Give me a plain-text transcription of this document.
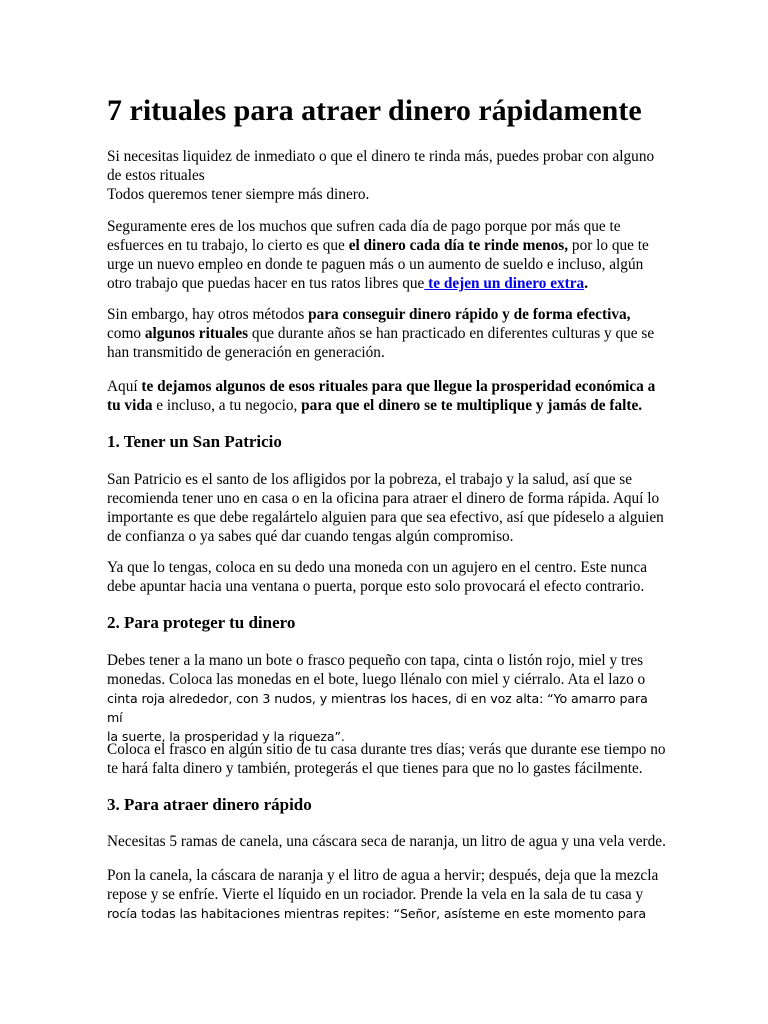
7 rituales para atraer dinero rápidamente

Si necesitas liquidez de inmediato o que el dinero te rinda más, puedes probar con alguno de estos rituales
Todos queremos tener siempre más dinero.

Seguramente eres de los muchos que sufren cada día de pago porque por más que te esfuerces en tu trabajo, lo cierto es que el dinero cada día te rinde menos, por lo que te urge un nuevo empleo en donde te paguen más o un aumento de sueldo e incluso, algún otro trabajo que puedas hacer en tus ratos libres que te dejen un dinero extra.

Sin embargo, hay otros métodos para conseguir dinero rápido y de forma efectiva, como algunos rituales que durante años se han practicado en diferentes culturas y que se han transmitido de generación en generación.

Aquí te dejamos algunos de esos rituales para que llegue la prosperidad económica a tu vida e incluso, a tu negocio, para que el dinero se te multiplique y jamás de falte.

1. Tener un San Patricio

San Patricio es el santo de los afligidos por la pobreza, el trabajo y la salud, así que se recomienda tener uno en casa o en la oficina para atraer el dinero de forma rápida. Aquí lo importante es que debe regalártelo alguien para que sea efectivo, así que pídeselo a alguien de confianza o ya sabes qué dar cuando tengas algún compromiso.

Ya que lo tengas, coloca en su dedo una moneda con un agujero en el centro. Este nunca debe apuntar hacia una ventana o puerta, porque esto solo provocará el efecto contrario.

2. Para proteger tu dinero

Debes tener a la mano un bote o frasco pequeño con tapa, cinta o listón rojo, miel y tres monedas. Coloca las monedas en el bote, luego llénalo con miel y ciérralo. Ata el lazo o
cinta roja alrededor, con 3 nudos, y mientras los haces, di en voz alta: “Yo amarro para mí
la suerte, la prosperidad y la riqueza”.

Coloca el frasco en algún sitio de tu casa durante tres días; verás que durante ese tiempo no te hará falta dinero y también, protegerás el que tienes para que no lo gastes fácilmente.

3. Para atraer dinero rápido

Necesitas 5 ramas de canela, una cáscara seca de naranja, un litro de agua y una vela verde.

Pon la canela, la cáscara de naranja y el litro de agua a hervir; después, deja que la mezcla repose y se enfríe. Vierte el líquido en un rociador. Prende la vela en la sala de tu casa y
rocía todas las habitaciones mientras repites: “Señor, asísteme en este momento para
